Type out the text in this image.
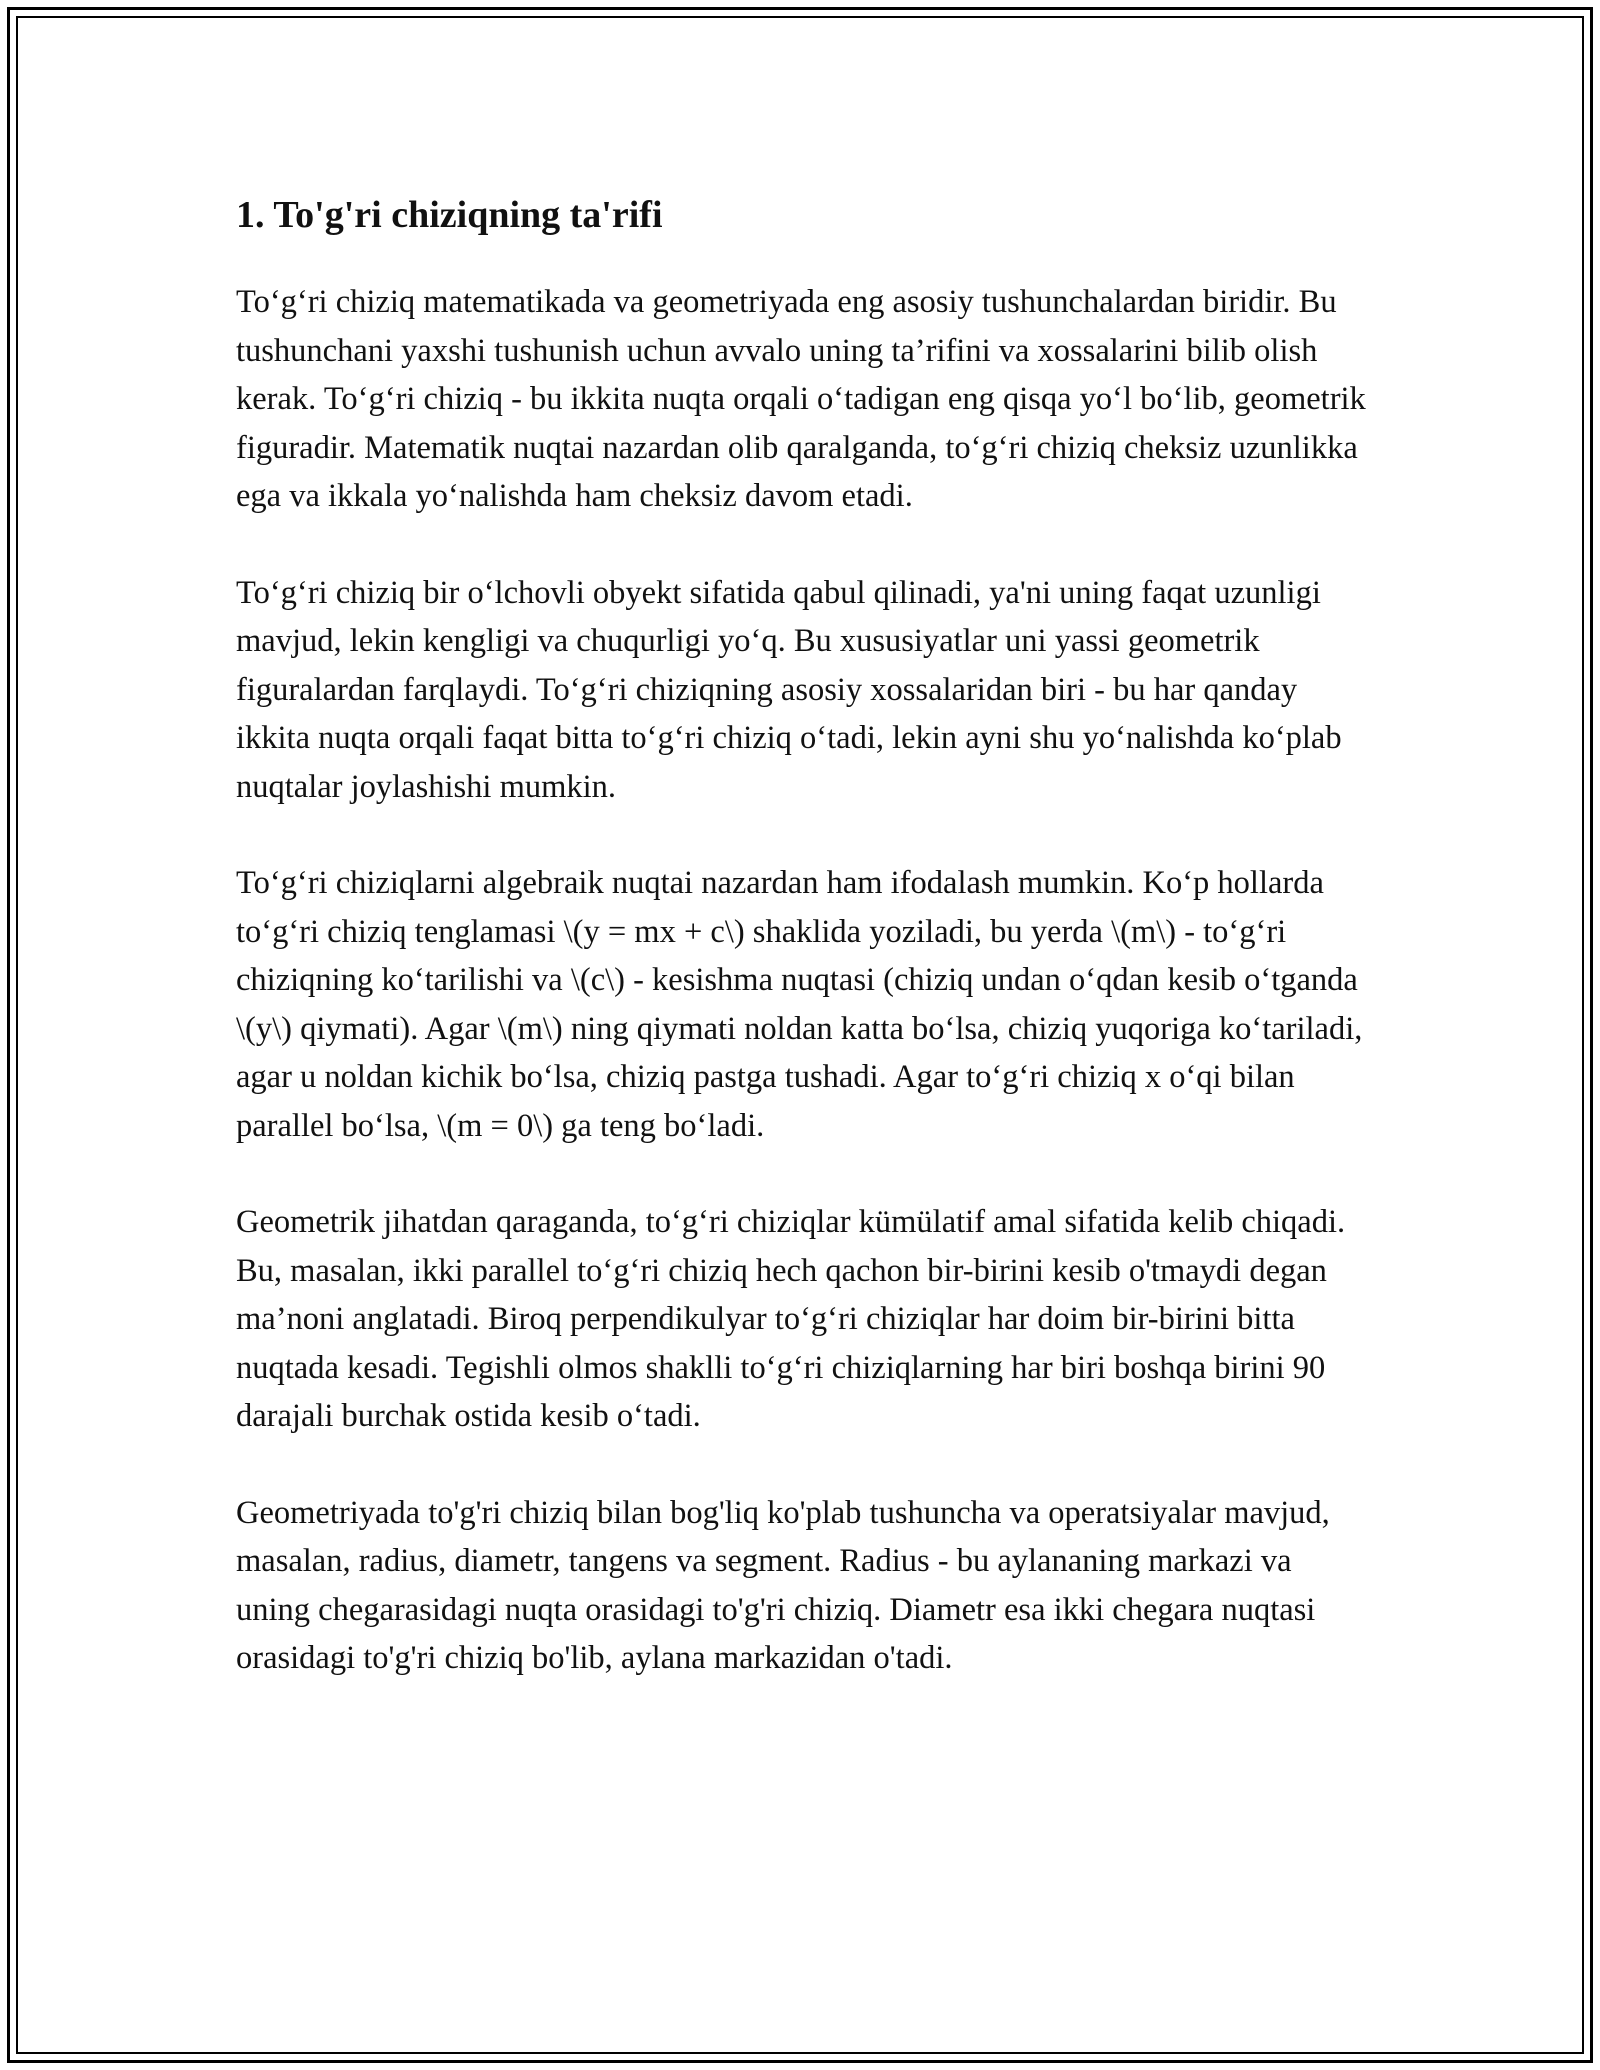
1. To'g'ri chiziqning ta'rifi

To‘g‘ri chiziq matematikada va geometriyada eng asosiy tushunchalardan biridir. Bu tushunchani yaxshi tushunish uchun avvalo uning ta’rifini va xossalarini bilib olish kerak. To‘g‘ri chiziq - bu ikkita nuqta orqali o‘tadigan eng qisqa yo‘l bo‘lib, geometrik figuradir. Matematik nuqtai nazardan olib qaralganda, to‘g‘ri chiziq cheksiz uzunlikka ega va ikkala yo‘nalishda ham cheksiz davom etadi.

To‘g‘ri chiziq bir o‘lchovli obyekt sifatida qabul qilinadi, ya'ni uning faqat uzunligi mavjud, lekin kengligi va chuqurligi yo‘q. Bu xususiyatlar uni yassi geometrik figuralardan farqlaydi. To‘g‘ri chiziqning asosiy xossalaridan biri - bu har qanday ikkita nuqta orqali faqat bitta to‘g‘ri chiziq o‘tadi, lekin ayni shu yo‘nalishda ko‘plab nuqtalar joylashishi mumkin.

To‘g‘ri chiziqlarni algebraik nuqtai nazardan ham ifodalash mumkin. Ko‘p hollarda to‘g‘ri chiziq tenglamasi \(y = mx + c\) shaklida yoziladi, bu yerda \(m\) - to‘g‘ri chiziqning ko‘tarilishi va \(c\) - kesishma nuqtasi (chiziq undan o‘qdan kesib o‘tganda \(y\) qiymati). Agar \(m\) ning qiymati noldan katta bo‘lsa, chiziq yuqoriga ko‘tariladi, agar u noldan kichik bo‘lsa, chiziq pastga tushadi. Agar to‘g‘ri chiziq x o‘qi bilan parallel bo‘lsa, \(m = 0\) ga teng bo‘ladi.

Geometrik jihatdan qaraganda, to‘g‘ri chiziqlar kümülatif amal sifatida kelib chiqadi. Bu, masalan, ikki parallel to‘g‘ri chiziq hech qachon bir-birini kesib o'tmaydi degan ma’noni anglatadi. Biroq perpendikulyar to‘g‘ri chiziqlar har doim bir-birini bitta nuqtada kesadi. Tegishli olmos shaklli to‘g‘ri chiziqlarning har biri boshqa birini 90 darajali burchak ostida kesib o‘tadi.

Geometriyada to'g'ri chiziq bilan bog'liq ko'plab tushuncha va operatsiyalar mavjud, masalan, radius, diametr, tangens va segment. Radius - bu aylananing markazi va uning chegarasidagi nuqta orasidagi to'g'ri chiziq. Diametr esa ikki chegara nuqtasi orasidagi to'g'ri chiziq bo'lib, aylana markazidan o'tadi.
